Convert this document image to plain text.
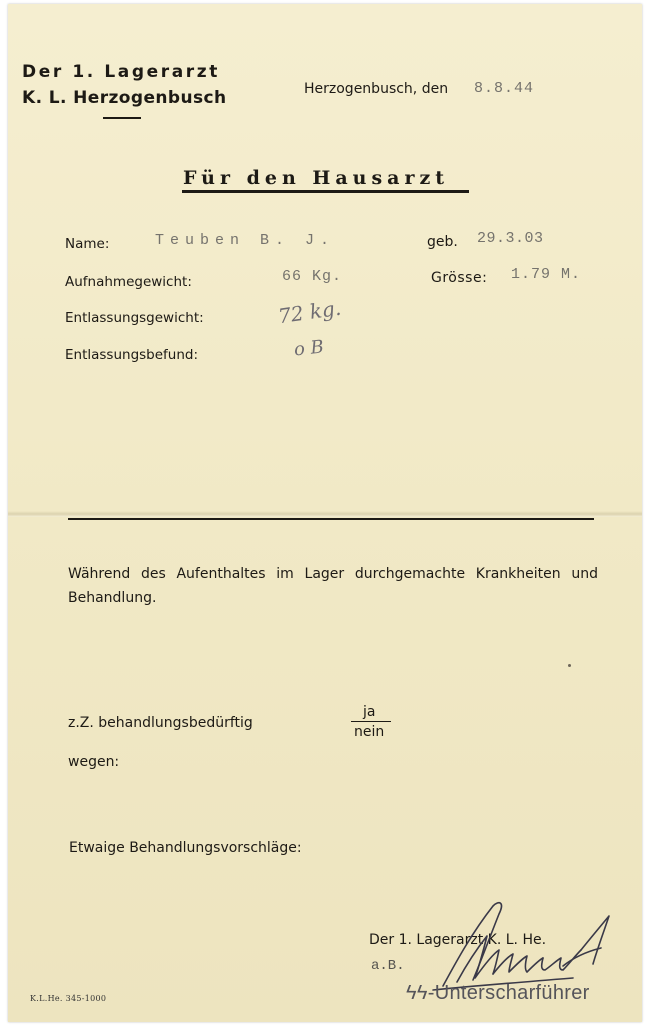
Der 1. Lagerarzt
K. L. Herzogenbusch	Herzogenbusch, den 8.8.44
Für den Hausarzt
Name:	Teuben B. J.	geb. 29.3.03
Aufnahmegewicht:	66 Kg.	Grösse: 1.79 M.
Entlassungsgewicht:	72 kg.
Entlassungsbefund:	o B
Während des Aufenthaltes im Lager durchgemachte Krankheiten und Behandlung.
z.Z. behandlungsbedürftig
ja
nein
wegen:
Etwaige Behandlungsvorschläge:
Der 1. Lagerarzt K. L. He.
a.B.
ϟϟ-Unterscharführer
K.L.He. 345-1000
